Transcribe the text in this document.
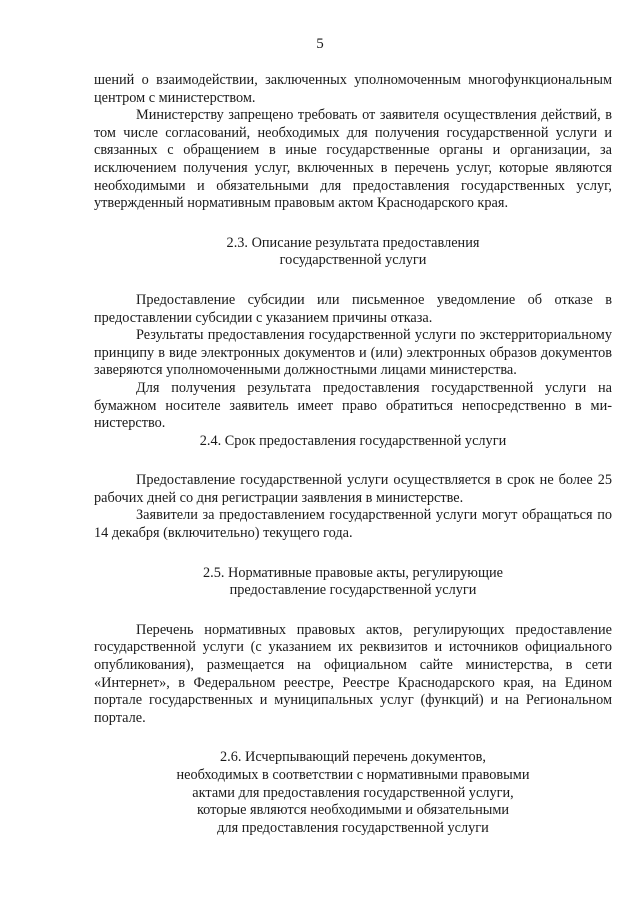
5

шений о взаимодействии, заключенных уполномоченным многофункциональным центром с министерством.

Министерству запрещено требовать от заявителя осуществления действий, в том числе согласований, необходимых для получения государственной услуги и связанных с обращением в иные государственные органы и организации, за исключением получения услуг, включенных в перечень услуг, которые являются необходимыми и обязательными для предоставления государственных услуг, утвержденный нормативным правовым актом Краснодарского края.

2.3. Описание результата предоставления
государственной услуги

Предоставление субсидии или письменное уведомление об отказе в предоставлении субсидии с указанием причины отказа.

Результаты предоставления государственной услуги по экстерриториальному принципу в виде электронных документов и (или) электронных образов документов заверяются уполномоченными должностными лицами министерства.

Для получения результата предоставления государственной услуги на бумажном носителе заявитель имеет право обратиться непосредственно в министерство.

2.4. Срок предоставления государственной услуги

Предоставление государственной услуги осуществляется в срок не более 25 рабочих дней со дня регистрации заявления в министерстве.

Заявители за предоставлением государственной услуги могут обращаться по 14 декабря (включительно) текущего года.

2.5. Нормативные правовые акты, регулирующие
предоставление государственной услуги

Перечень нормативных правовых актов, регулирующих предоставление государственной услуги (с указанием их реквизитов и источников официального опубликования), размещается на официальном сайте министерства, в сети «Интернет», в Федеральном реестре, Реестре Краснодарского края, на Едином портале государственных и муниципальных услуг (функций) и на Региональном портале.

2.6. Исчерпывающий перечень документов,
необходимых в соответствии с нормативными правовыми
актами для предоставления государственной услуги,
которые являются необходимыми и обязательными
для предоставления государственной услуги
